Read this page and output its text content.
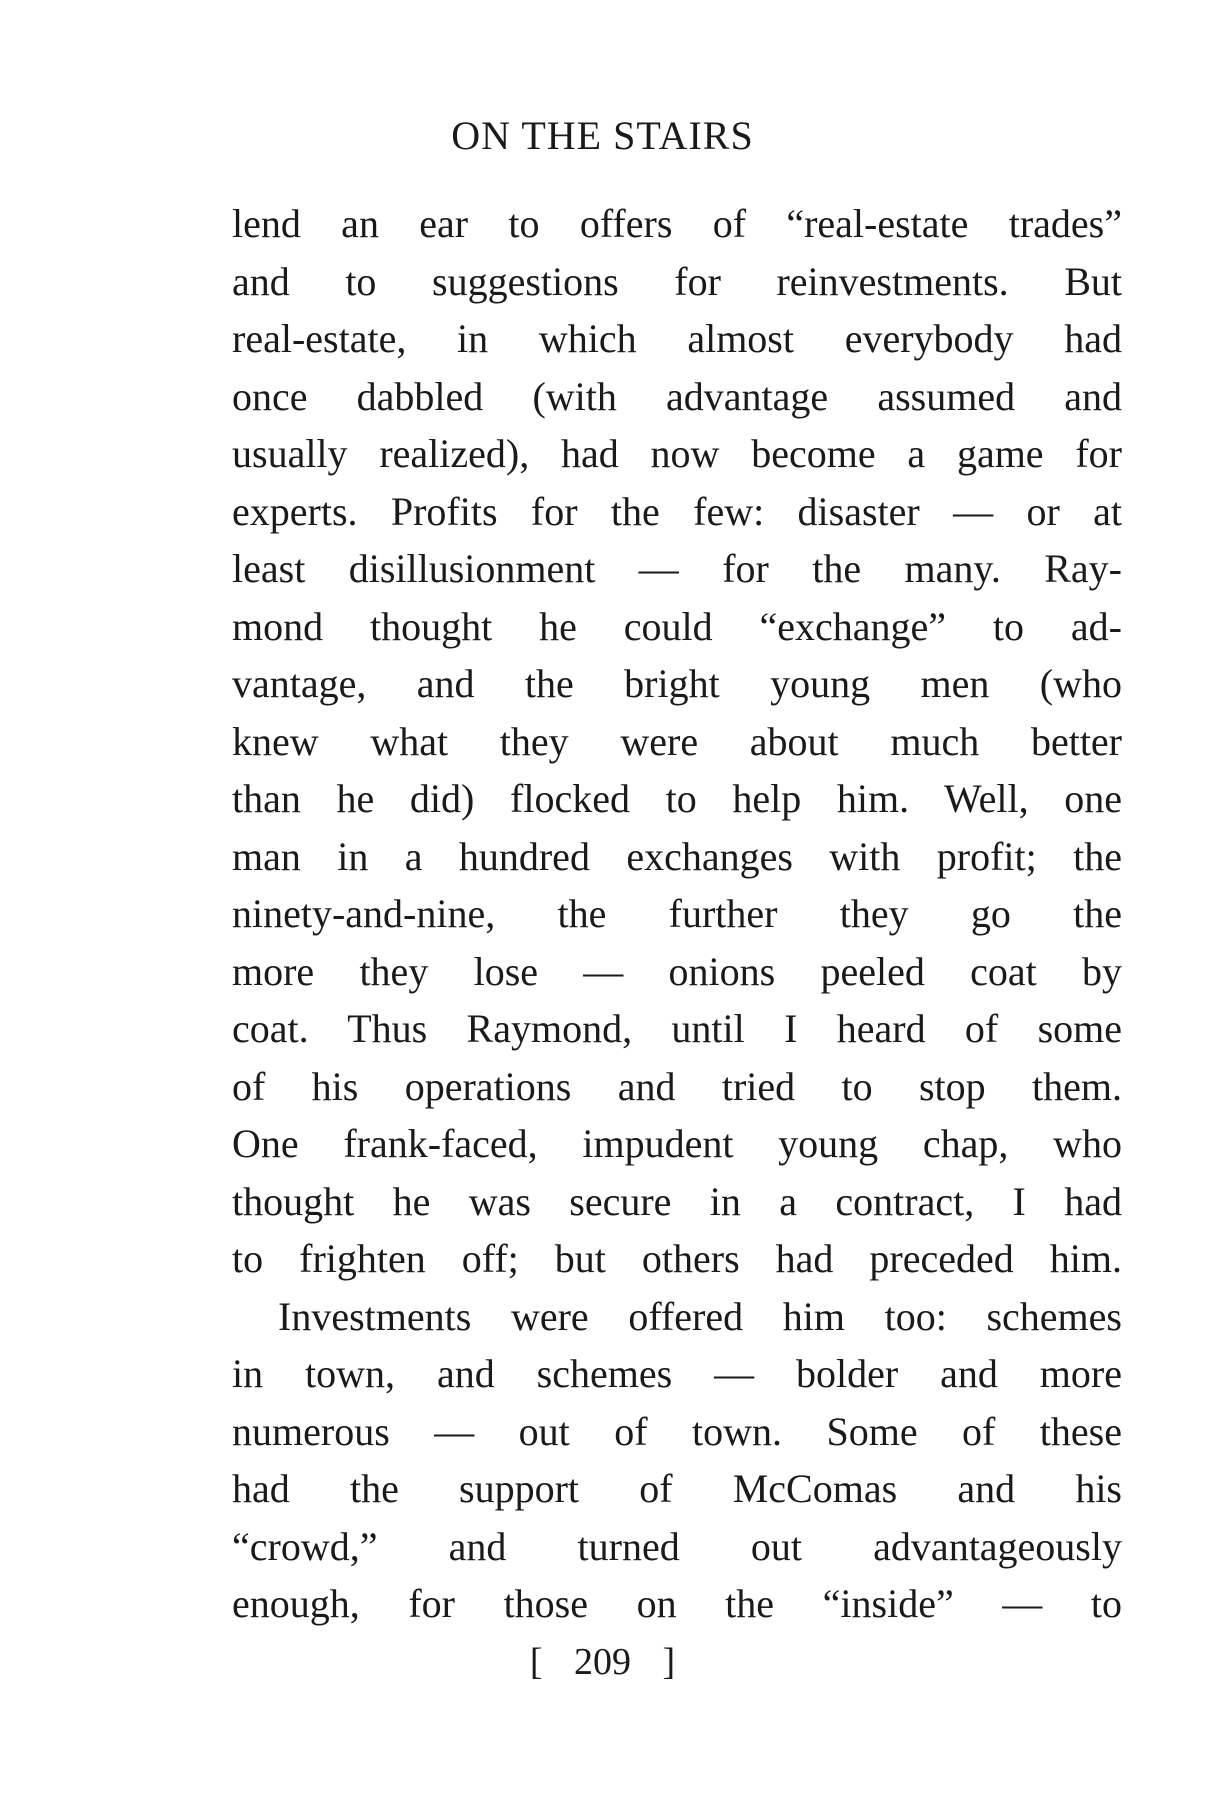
ON THE STAIRS
lend an ear to offers of “real-estate trades”
and to suggestions for reinvestments. But
real-estate, in which almost everybody had
once dabbled (with advantage assumed and
usually realized), had now become a game for
experts. Profits for the few: disaster — or at
least disillusionment — for the many. Ray-
mond thought he could “exchange” to ad-
vantage, and the bright young men (who
knew what they were about much better
than he did) flocked to help him. Well, one
man in a hundred exchanges with profit; the
ninety-and-nine, the further they go the
more they lose — onions peeled coat by
coat. Thus Raymond, until I heard of some
of his operations and tried to stop them.
One frank-faced, impudent young chap, who
thought he was secure in a contract, I had
to frighten off; but others had preceded him.
Investments were offered him too: schemes
in town, and schemes — bolder and more
numerous — out of town. Some of these
had the support of McComas and his
“crowd,” and turned out advantageously
enough, for those on the “inside” — to
[ 209 ]
